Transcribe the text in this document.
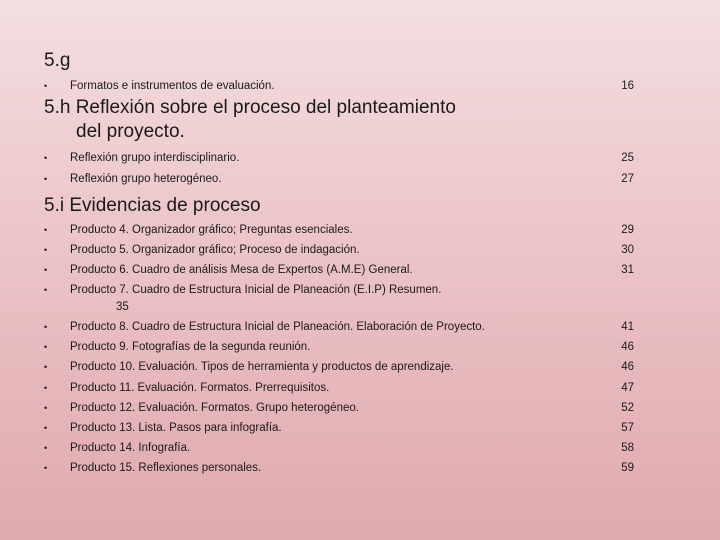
5.g
• Formatos e instrumentos de evaluación.	16
5.h Reflexión sobre el proceso del planteamiento
del proyecto.
• Reflexión grupo interdisciplinario.	25
• Reflexión grupo heterogéneo.	27
5.i Evidencias de proceso
• Producto 4. Organizador gráfico; Preguntas esenciales.	29
• Producto 5. Organizador gráfico; Proceso de indagación.	30
• Producto 6. Cuadro de análisis Mesa de Expertos (A.M.E) General.	31
• Producto 7. Cuadro de Estructura Inicial de Planeación (E.I.P) Resumen.
35
• Producto 8. Cuadro de Estructura Inicial de Planeación. Elaboración de Proyecto.	41
• Producto 9. Fotografías de la segunda reunión.	46
• Producto 10. Evaluación. Tipos de herramienta y productos de aprendizaje.	46
• Producto 11. Evaluación. Formatos. Prerrequisitos.	47
• Producto 12. Evaluación. Formatos. Grupo heterogéneo.	52
• Producto 13. Lista. Pasos para infografía.	57
• Producto 14. Infografía.	58
• Producto 15. Reflexiones personales.	59
